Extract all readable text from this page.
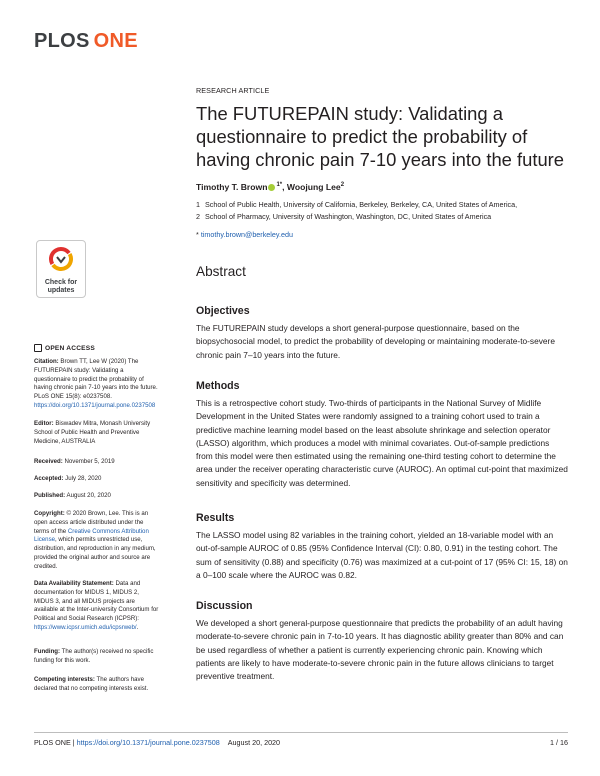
PLOS ONE
RESEARCH ARTICLE
The FUTUREPAIN study: Validating a questionnaire to predict the probability of having chronic pain 7-10 years into the future
Timothy T. Brown $^{1*}$, Woojung Lee$^2$
1 School of Public Health, University of California, Berkeley, Berkeley, CA, United States of America,
2 School of Pharmacy, University of Washington, Washington, DC, United States of America
* timothy.brown@berkeley.edu
Abstract
Objectives
The FUTUREPAIN study develops a short general-purpose questionnaire, based on the biopsychosocial model, to predict the probability of developing or maintaining moderate-to-severe chronic pain 7–10 years into the future.
Methods
This is a retrospective cohort study. Two-thirds of participants in the National Survey of Midlife Development in the United States were randomly assigned to a training cohort used to train a predictive machine learning model based on the least absolute shrinkage and selection operator (LASSO) algorithm, which produces a model with minimal covariates. Out-of-sample predictions from this model were then estimated using the remaining one-third testing cohort to determine the area under the receiver operating characteristic curve (AUROC). An optimal cut-point that maximized sensitivity and specificity was determined.
Results
The LASSO model using 82 variables in the training cohort, yielded an 18-variable model with an out-of-sample AUROC of 0.85 (95% Confidence Interval (CI): 0.80, 0.91) in the testing cohort. The sum of sensitivity (0.88) and specificity (0.76) was maximized at a cut-point of 17 (95% CI: 15, 18) on a 0–100 scale where the AUROC was 0.82.
Discussion
We developed a short general-purpose questionnaire that predicts the probability of an adult having moderate-to-severe chronic pain in 7-to-10 years. It has diagnostic ability greater than 80% and can be used regardless of whether a patient is currently experiencing chronic pain. Knowing which patients are likely to have moderate-to-severe chronic pain in the future allows clinicians to target preventive treatment.
Check for
updates
OPEN ACCESS
Citation: Brown TT, Lee W (2020) The FUTUREPAIN study: Validating a questionnaire to predict the probability of having chronic pain 7-10 years into the future. PLoS ONE 15(8): e0237508. https://doi.org/10.1371/journal.pone.0237508
Editor: Biswadev Mitra, Monash University School of Public Health and Preventive Medicine, AUSTRALIA
Received: November 5, 2019
Accepted: July 28, 2020
Published: August 20, 2020
Copyright: © 2020 Brown, Lee. This is an open access article distributed under the terms of the Creative Commons Attribution License, which permits unrestricted use, distribution, and reproduction in any medium, provided the original author and source are credited.
Data Availability Statement: Data and documentation for MIDUS 1, MIDUS 2, MIDUS 3, and all MIDUS projects are available at the Inter-university Consortium for Political and Social Research (ICPSR): https://www.icpsr.umich.edu/icpsrweb/.
Funding: The author(s) received no specific funding for this work.
Competing interests: The authors have declared that no competing interests exist.
PLOS ONE | https://doi.org/10.1371/journal.pone.0237508 August 20, 2020	1 / 16
